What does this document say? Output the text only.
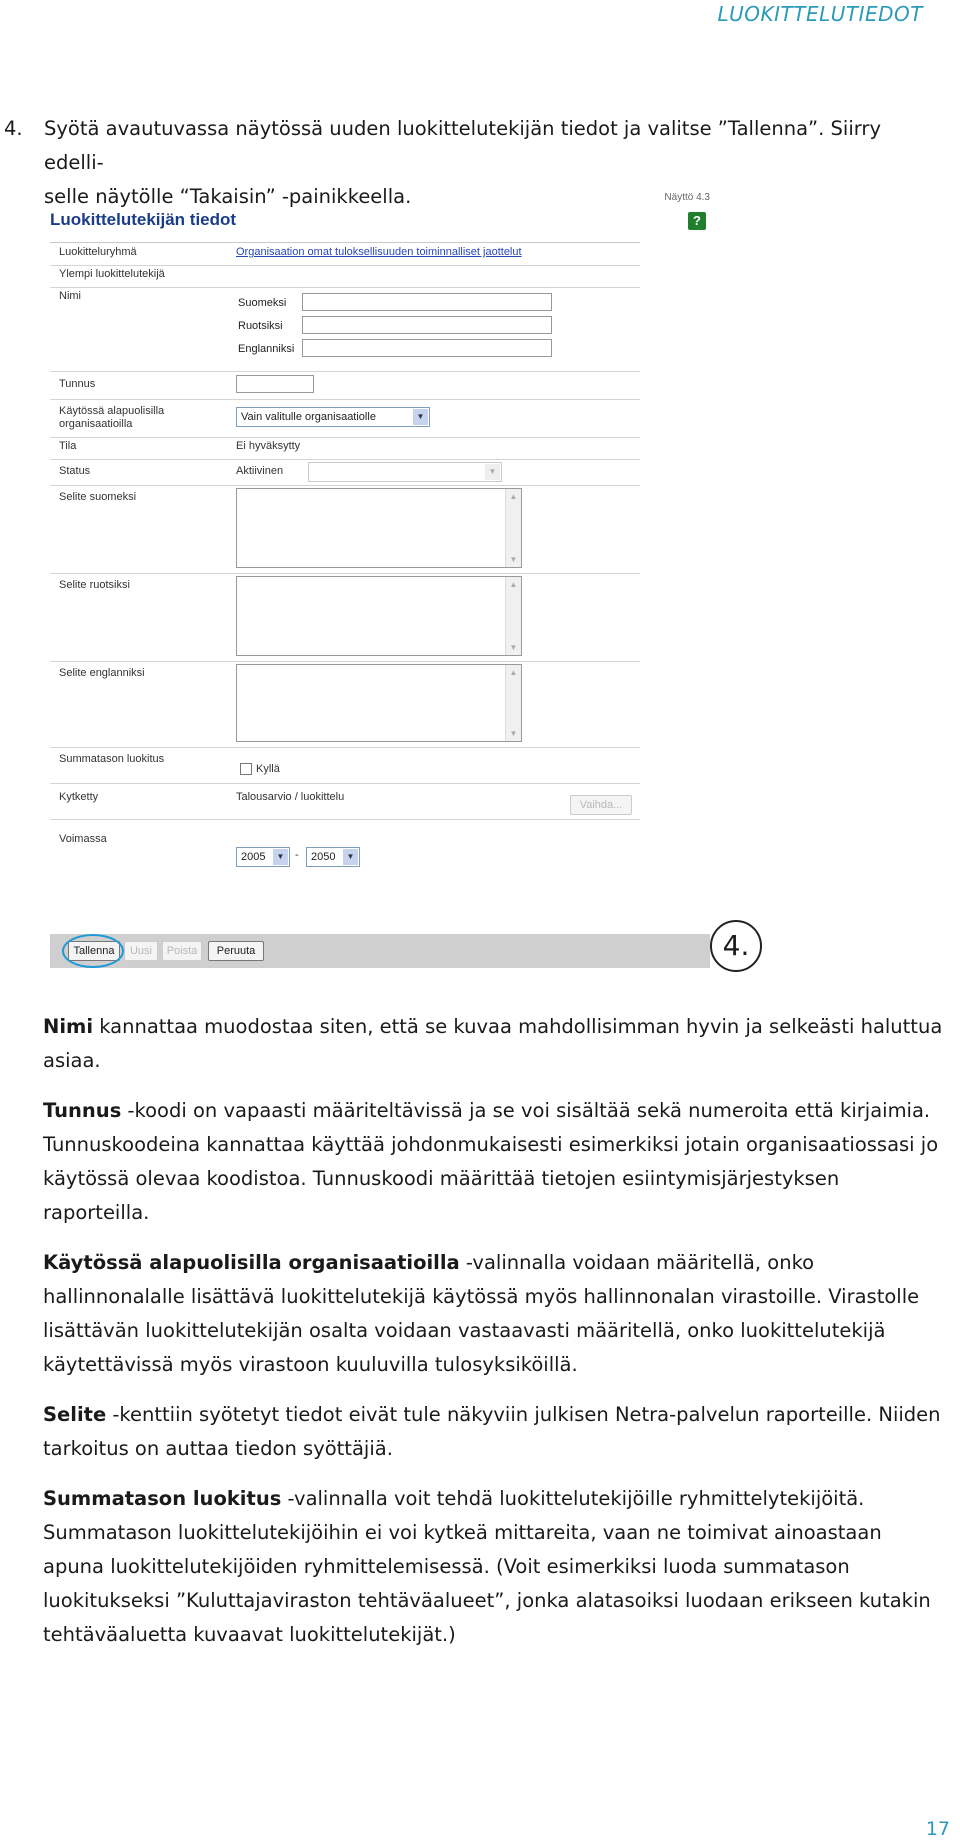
LUOKITTELUTIEDOT
4. Syötä avautuvassa näytössä uuden luokittelutekijän tiedot ja valitse ”Tallenna”. Siirry edelli-
selle näytölle “Takaisin” -painikkeella.	Näyttö 4.3
?
Luokittelutekijän tiedot
Luokitteluryhmä	Organisaation omat tuloksellisuuden toiminnalliset jaottelut
Ylempi luokittelutekijä
Nimi
Suomeksi
Ruotsiksi
Englanniksi
Tunnus
Käytössä alapuolisilla organisaatioilla
Vain valitulle organisaatiolle	▼
Tila	Ei hyväksytty
Status	Aktiivinen	▼
Selite suomeksi	▲
▼
Selite ruotsiksi	▲
▼
Selite englanniksi	▲
▼
Summatason luokitus
Kyllä
Kytketty	Talousarvio / luokittelu
Vaihda...
Voimassa
2005	▼ -	2050	▼
Tallenna	Uusi	Poista	Peruuta	4.

Nimi kannattaa muodostaa siten, että se kuvaa mahdollisimman hyvin ja selkeästi haluttua asiaa.

Tunnus -koodi on vapaasti määriteltävissä ja se voi sisältää sekä numeroita että kirjaimia. Tunnuskoodeina kannattaa käyttää johdonmukaisesti esimerkiksi jotain organisaatiossasi jo käytössä olevaa koodistoa. Tunnuskoodi määrittää tietojen esiintymisjärjestyksen raporteilla.

Käytössä alapuolisilla organisaatioilla -valinnalla voidaan määritellä, onko hallinnonalalle lisättävä luokittelutekijä käytössä myös hallinnonalan virastoille. Virastolle lisättävän luokittelutekijän osalta voidaan vastaavasti määritellä, onko luokittelutekijä käytettävissä myös virastoon kuuluvilla tulosyksiköillä.

Selite -kenttiin syötetyt tiedot eivät tule näkyviin julkisen Netra-palvelun raporteille. Niiden tarkoitus on auttaa tiedon syöttäjiä.

Summatason luokitus -valinnalla voit tehdä luokittelutekijöille ryhmittelytekijöitä. Summatason luokittelutekijöihin ei voi kytkeä mittareita, vaan ne toimivat ainoastaan apuna luokittelutekijöiden ryhmittelemisessä. (Voit esimerkiksi luoda summatason luokitukseksi ”Kuluttajaviraston tehtäväalueet”, jonka alatasoiksi luodaan erikseen kutakin tehtäväaluetta kuvaavat luokittelutekijät.)

17
